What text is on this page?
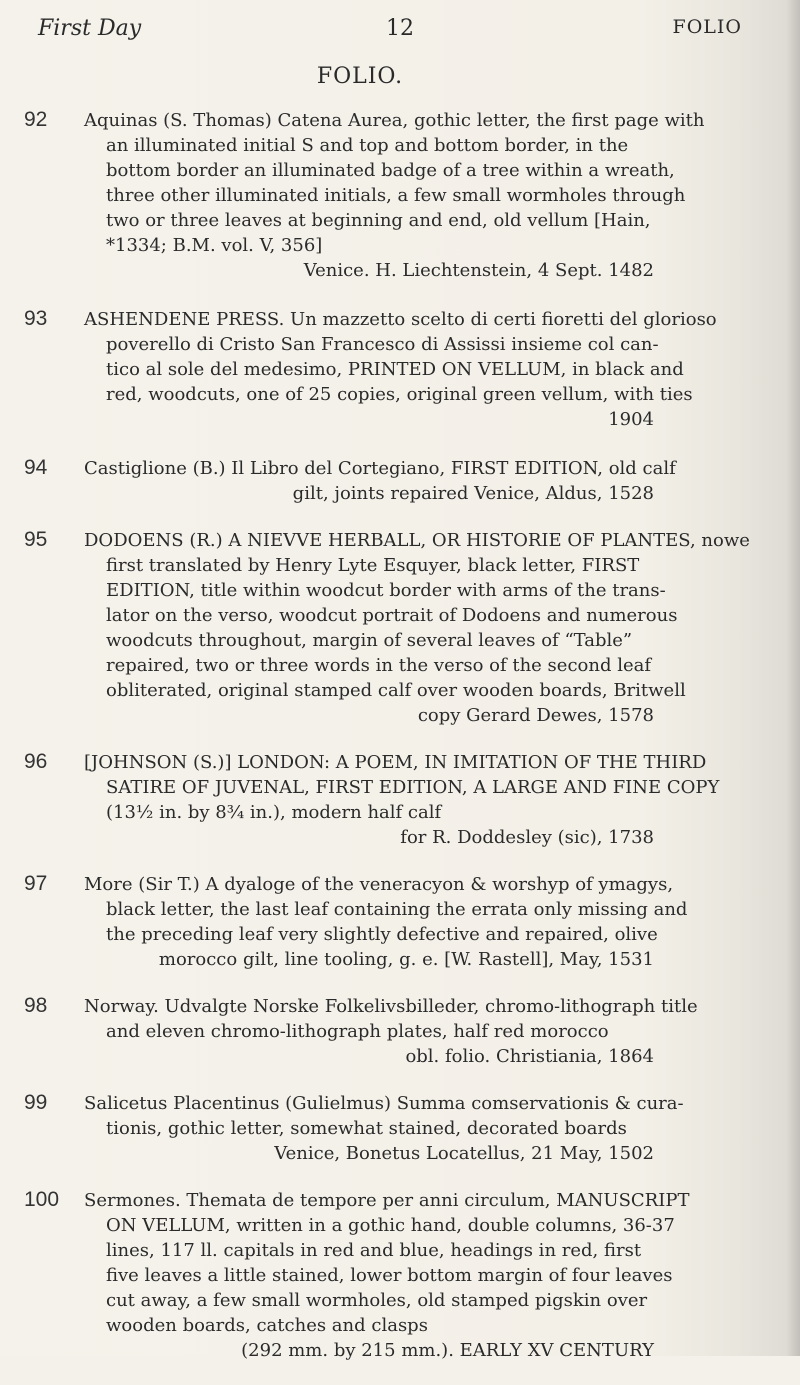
First Day	12	FOLIO
FOLIO.
92	Aquinas (S. Thomas) Catena Aurea, gothic letter, the first page with
an illuminated initial S and top and bottom border, in the
bottom border an illuminated badge of a tree within a wreath,
three other illuminated initials, a few small wormholes through
two or three leaves at beginning and end, old vellum [Hain,
*1334; B.M. vol. V, 356]
Venice. H. Liechtenstein, 4 Sept. 1482
93	ASHENDENE PRESS. Un mazzetto scelto di certi fioretti del glorioso
poverello di Cristo San Francesco di Assissi insieme col can-
tico al sole del medesimo, PRINTED ON VELLUM, in black and
red, woodcuts, one of 25 copies, original green vellum, with ties
1904
94	Castiglione (B.) Il Libro del Cortegiano, FIRST EDITION, old calf
gilt, joints repaired Venice, Aldus, 1528
95	DODOENS (R.) A NIEVVE HERBALL, OR HISTORIE OF PLANTES, nowe
first translated by Henry Lyte Esquyer, black letter, FIRST
EDITION, title within woodcut border with arms of the trans-
lator on the verso, woodcut portrait of Dodoens and numerous
woodcuts throughout, margin of several leaves of “Table”
repaired, two or three words in the verso of the second leaf
obliterated, original stamped calf over wooden boards, Britwell
copy Gerard Dewes, 1578
96	[JOHNSON (S.)] LONDON: A POEM, IN IMITATION OF THE THIRD
SATIRE OF JUVENAL, FIRST EDITION, A LARGE AND FINE COPY
(13½ in. by 8¾ in.), modern half calf
for R. Doddesley (sic), 1738
97	More (Sir T.) A dyaloge of the veneracyon & worshyp of ymagys,
black letter, the last leaf containing the errata only missing and
the preceding leaf very slightly defective and repaired, olive
morocco gilt, line tooling, g. e. [W. Rastell], May, 1531
98	Norway. Udvalgte Norske Folkelivsbilleder, chromo-lithograph title
and eleven chromo-lithograph plates, half red morocco
obl. folio. Christiania, 1864
99	Salicetus Placentinus (Gulielmus) Summa comservationis & cura-
tionis, gothic letter, somewhat stained, decorated boards
Venice, Bonetus Locatellus, 21 May, 1502
100 Sermones. Themata de tempore per anni circulum, MANUSCRIPT
ON VELLUM, written in a gothic hand, double columns, 36-37
lines, 117 ll. capitals in red and blue, headings in red, first
five leaves a little stained, lower bottom margin of four leaves
cut away, a few small wormholes, old stamped pigskin over
wooden boards, catches and clasps
(292 mm. by 215 mm.). EARLY XV CENTURY
